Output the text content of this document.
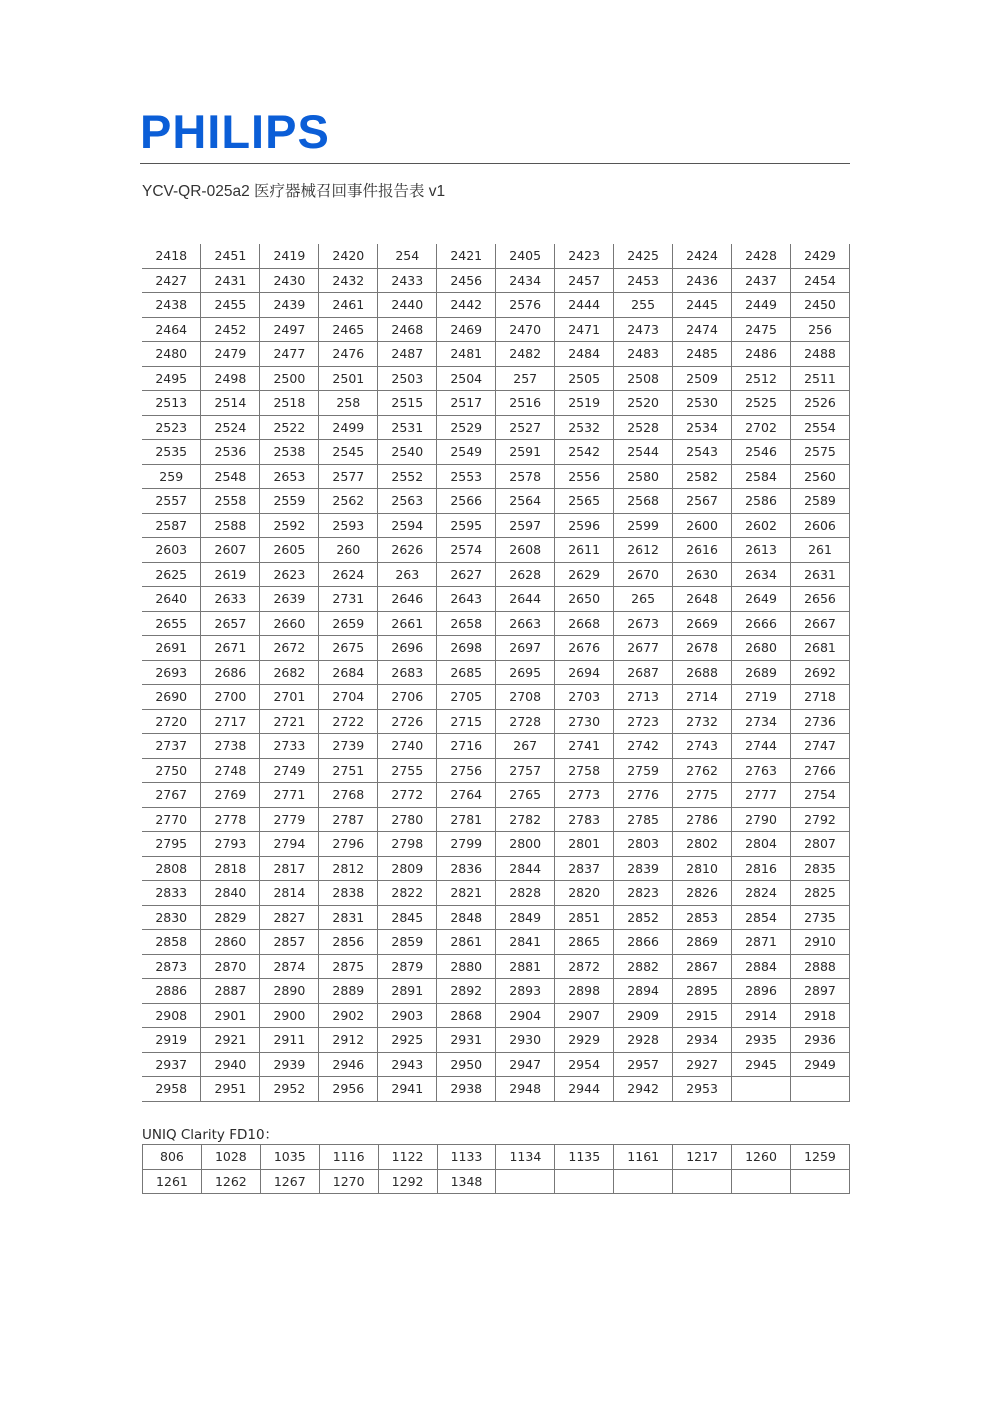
PHILIPS
YCV-QR-025a2 医疗器械召回事件报告表 v1
2418	2451	2419	2420	254	2421	2405	2423	2425	2424	2428	2429
2427	2431	2430	2432	2433	2456	2434	2457	2453	2436	2437	2454
2438	2455	2439	2461	2440	2442	2576	2444	255	2445	2449	2450
2464	2452	2497	2465	2468	2469	2470	2471	2473	2474	2475	256
2480	2479	2477	2476	2487	2481	2482	2484	2483	2485	2486	2488
2495	2498	2500	2501	2503	2504	257	2505	2508	2509	2512	2511
2513	2514	2518	258	2515	2517	2516	2519	2520	2530	2525	2526
2523	2524	2522	2499	2531	2529	2527	2532	2528	2534	2702	2554
2535	2536	2538	2545	2540	2549	2591	2542	2544	2543	2546	2575
259	2548	2653	2577	2552	2553	2578	2556	2580	2582	2584	2560
2557	2558	2559	2562	2563	2566	2564	2565	2568	2567	2586	2589
2587	2588	2592	2593	2594	2595	2597	2596	2599	2600	2602	2606
2603	2607	2605	260	2626	2574	2608	2611	2612	2616	2613	261
2625	2619	2623	2624	263	2627	2628	2629	2670	2630	2634	2631
2640	2633	2639	2731	2646	2643	2644	2650	265	2648	2649	2656
2655	2657	2660	2659	2661	2658	2663	2668	2673	2669	2666	2667
2691	2671	2672	2675	2696	2698	2697	2676	2677	2678	2680	2681
2693	2686	2682	2684	2683	2685	2695	2694	2687	2688	2689	2692
2690	2700	2701	2704	2706	2705	2708	2703	2713	2714	2719	2718
2720	2717	2721	2722	2726	2715	2728	2730	2723	2732	2734	2736
2737	2738	2733	2739	2740	2716	267	2741	2742	2743	2744	2747
2750	2748	2749	2751	2755	2756	2757	2758	2759	2762	2763	2766
2767	2769	2771	2768	2772	2764	2765	2773	2776	2775	2777	2754
2770	2778	2779	2787	2780	2781	2782	2783	2785	2786	2790	2792
2795	2793	2794	2796	2798	2799	2800	2801	2803	2802	2804	2807
2808	2818	2817	2812	2809	2836	2844	2837	2839	2810	2816	2835
2833	2840	2814	2838	2822	2821	2828	2820	2823	2826	2824	2825
2830	2829	2827	2831	2845	2848	2849	2851	2852	2853	2854	2735
2858	2860	2857	2856	2859	2861	2841	2865	2866	2869	2871	2910
2873	2870	2874	2875	2879	2880	2881	2872	2882	2867	2884	2888
2886	2887	2890	2889	2891	2892	2893	2898	2894	2895	2896	2897
2908	2901	2900	2902	2903	2868	2904	2907	2909	2915	2914	2918
2919	2921	2911	2912	2925	2931	2930	2929	2928	2934	2935	2936
2937	2940	2939	2946	2943	2950	2947	2954	2957	2927	2945	2949
2958	2951	2952	2956	2941	2938	2948	2944	2942	2953		
UNIQ Clarity FD10：
806	1028	1035	1116	1122	1133	1134	1135	1161	1217	1260	1259
1261	1262	1267	1270	1292	1348						
